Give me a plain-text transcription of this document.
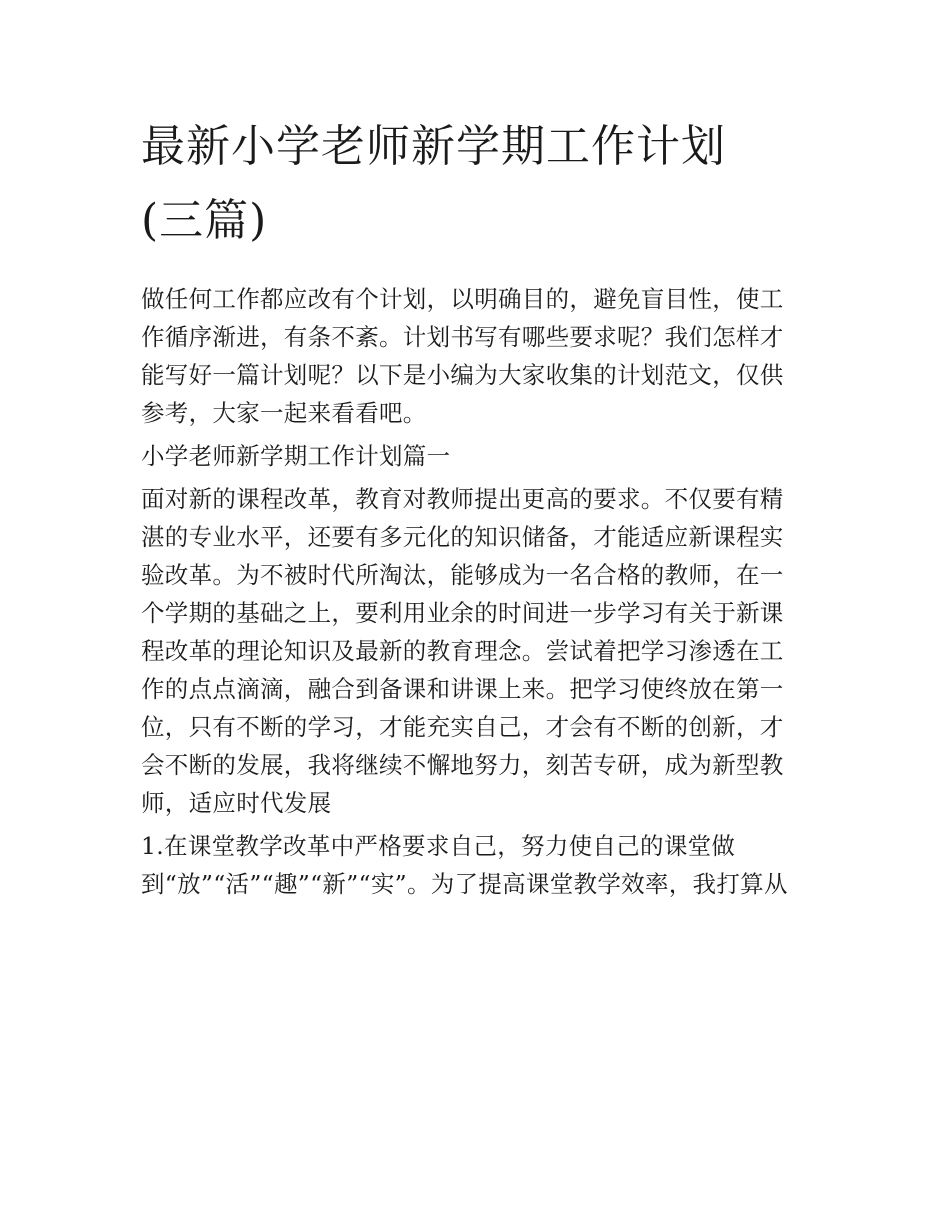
最新小学老师新学期工作计划
(三篇)

做任何工作都应改有个计划，以明确目的，避免盲目性，使工

作循序渐进，有条不紊。计划书写有哪些要求呢？我们怎样才

能写好一篇计划呢？以下是小编为大家收集的计划范文，仅供

参考，大家一起来看看吧。

小学老师新学期工作计划篇一

面对新的课程改革，教育对教师提出更高的要求。不仅要有精

湛的专业水平，还要有多元化的知识储备，才能适应新课程实

验改革。为不被时代所淘汰，能够成为一名合格的教师，在一

个学期的基础之上，要利用业余的时间进一步学习有关于新课

程改革的理论知识及最新的教育理念。尝试着把学习渗透在工

作的点点滴滴，融合到备课和讲课上来。把学习使终放在第一

位，只有不断的学习，才能充实自己，才会有不断的创新，才

会不断的发展，我将继续不懈地努力，刻苦专研，成为新型教

师，适应时代发展

1.在课堂教学改革中严格要求自己，努力使自己的课堂做

到“放”“活”“趣”“新”“实”。为了提高课堂教学效率，我打算从
